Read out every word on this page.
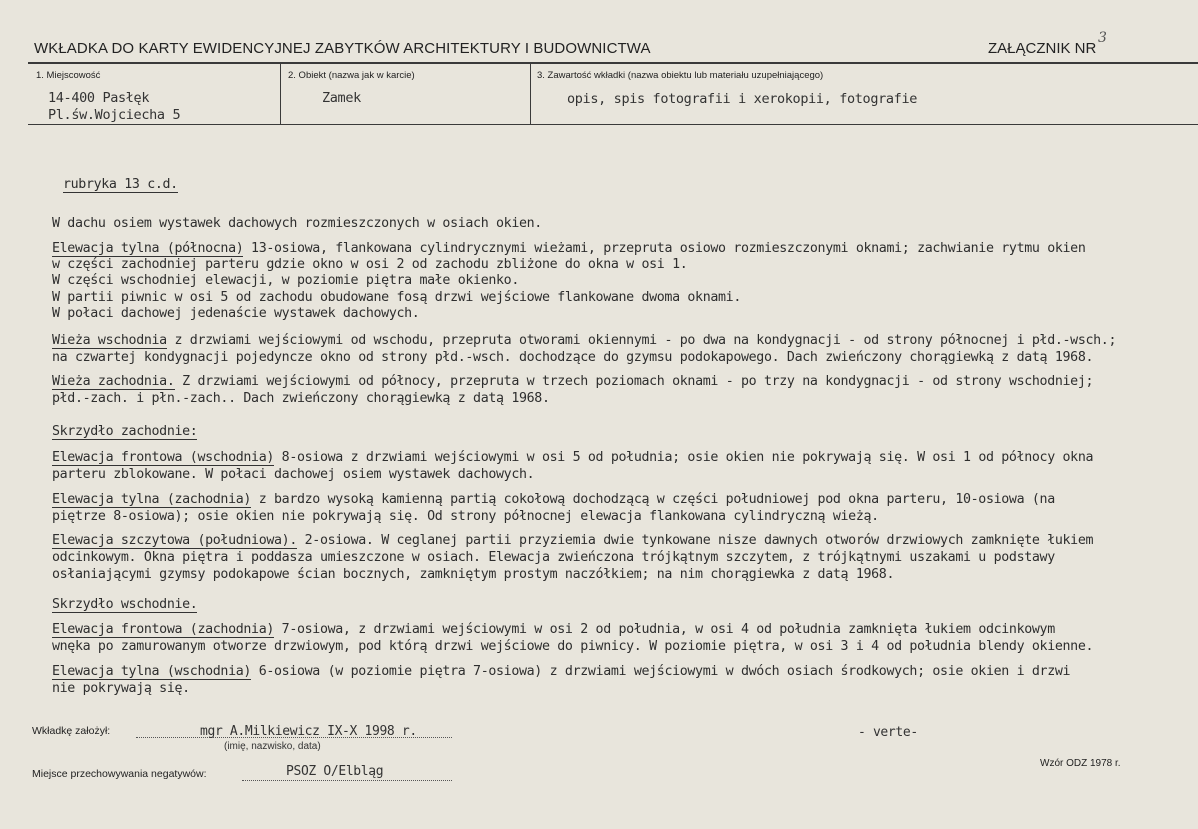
WKŁADKA DO KARTY EWIDENCYJNEJ ZABYTKÓW ARCHITEKTURY I BUDOWNICTWA	ZAŁĄCZNIK NR
3
1. Miejscowość
14-400 Pasłęk
Pl.św.Wojciecha 5
2. Obiekt (nazwa jak w karcie)
Zamek
3. Zawartość wkładki (nazwa obiektu lub materiału uzupełniającego)
opis, spis fotografii i xerokopii, fotografie
rubryka 13 c.d.
W dachu osiem wystawek dachowych rozmieszczonych w osiach okien.
Elewacja tylna (północna) 13-osiowa, flankowana cylindrycznymi wieżami, przepruta osiowo rozmieszczonymi oknami; zachwianie rytmu okien
w części zachodniej parteru gdzie okno w osi 2 od zachodu zbliżone do okna w osi 1.
W części wschodniej elewacji, w poziomie piętra małe okienko.
W partii piwnic w osi 5 od zachodu obudowane fosą drzwi wejściowe flankowane dwoma oknami.
W połaci dachowej jedenaście wystawek dachowych.
Wieża wschodnia z drzwiami wejściowymi od wschodu, przepruta otworami okiennymi - po dwa na kondygnacji - od strony północnej i płd.-wsch.;
na czwartej kondygnacji pojedyncze okno od strony płd.-wsch. dochodzące do gzymsu podokapowego. Dach zwieńczony chorągiewką z datą 1968.
Wieża zachodnia. Z drzwiami wejściowymi od północy, przepruta w trzech poziomach oknami - po trzy na kondygnacji - od strony wschodniej;
płd.-zach. i płn.-zach.. Dach zwieńczony chorągiewką z datą 1968.
Skrzydło zachodnie:
Elewacja frontowa (wschodnia) 8-osiowa z drzwiami wejściowymi w osi 5 od południa; osie okien nie pokrywają się. W osi 1 od północy okna
parteru zblokowane. W połaci dachowej osiem wystawek dachowych.
Elewacja tylna (zachodnia) z bardzo wysoką kamienną partią cokołową dochodzącą w części południowej pod okna parteru, 10-osiowa (na
piętrze 8-osiowa); osie okien nie pokrywają się. Od strony północnej elewacja flankowana cylindryczną wieżą.
Elewacja szczytowa (południowa). 2-osiowa. W ceglanej partii przyziemia dwie tynkowane nisze dawnych otworów drzwiowych zamknięte łukiem
odcinkowym. Okna piętra i poddasza umieszczone w osiach. Elewacja zwieńczona trójkątnym szczytem, z trójkątnymi uszakami u podstawy
osłaniającymi gzymsy podokapowe ścian bocznych, zamkniętym prostym naczółkiem; na nim chorągiewka z datą 1968.
Skrzydło wschodnie.
Elewacja frontowa (zachodnia) 7-osiowa, z drzwiami wejściowymi w osi 2 od południa, w osi 4 od południa zamknięta łukiem odcinkowym
wnęka po zamurowanym otworze drzwiowym, pod którą drzwi wejściowe do piwnicy. W poziomie piętra, w osi 3 i 4 od południa blendy okienne.
Elewacja tylna (wschodnia) 6-osiowa (w poziomie piętra 7-osiowa) z drzwiami wejściowymi w dwóch osiach środkowych; osie okien i drzwi
nie pokrywają się.
Wkładkę założył:	mgr A.Milkiewicz IX-X 1998 r.
(imię, nazwisko, data)
- verte-
Miejsce przechowywania negatywów:	PSOZ O/Elbląg
Wzór ODZ 1978 r.
